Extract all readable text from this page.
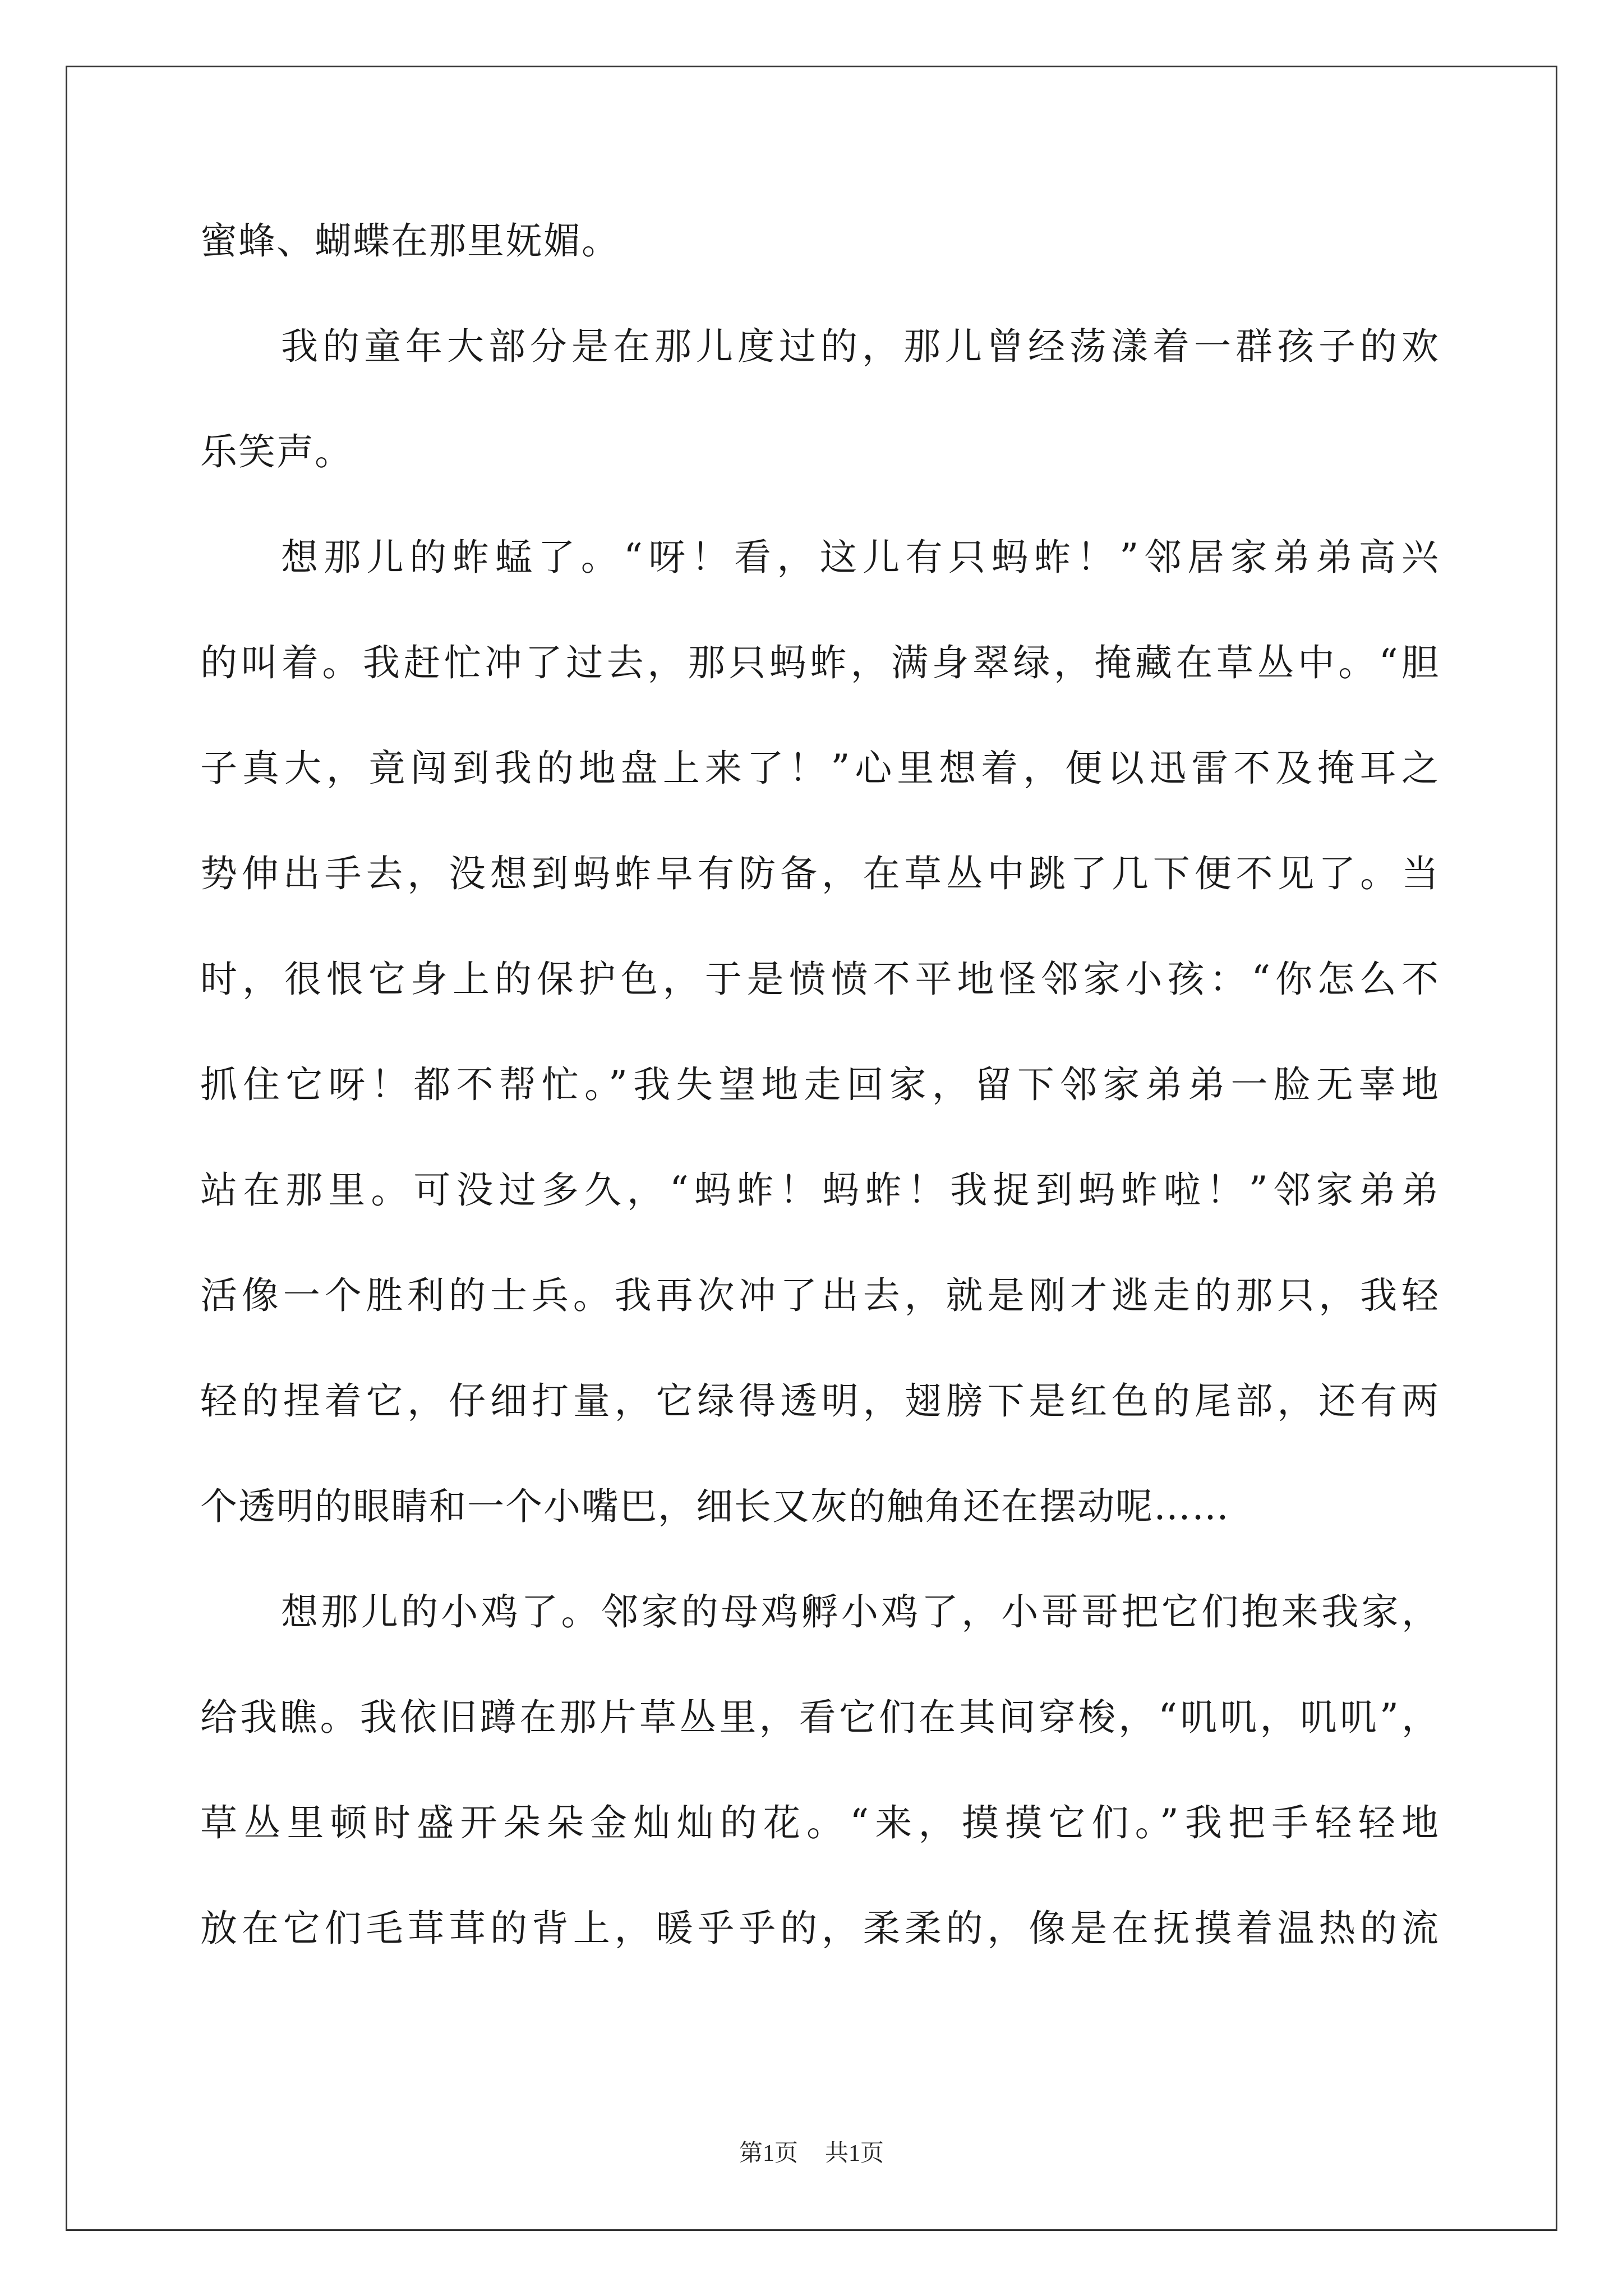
蜜蜂、蝴蝶在那里妩媚。
我的童年大部分是在那儿度过的，那儿曾经荡漾着一群孩子的欢
乐笑声。
想那儿的蚱蜢了。“呀！看，这儿有只蚂蚱！”邻居家弟弟高兴
的叫着。我赶忙冲了过去，那只蚂蚱，满身翠绿，掩藏在草丛中。“胆
子真大，竟闯到我的地盘上来了！”心里想着，便以迅雷不及掩耳之
势伸出手去，没想到蚂蚱早有防备，在草丛中跳了几下便不见了。当
时，很恨它身上的保护色，于是愤愤不平地怪邻家小孩：“你怎么不
抓住它呀！都不帮忙。”我失望地走回家，留下邻家弟弟一脸无辜地
站在那里。可没过多久，“蚂蚱！蚂蚱！我捉到蚂蚱啦！”邻家弟弟
活像一个胜利的士兵。我再次冲了出去，就是刚才逃走的那只，我轻
轻的捏着它，仔细打量，它绿得透明，翅膀下是红色的尾部，还有两
个透明的眼睛和一个小嘴巴，细长又灰的触角还在摆动呢……
想那儿的小鸡了。邻家的母鸡孵小鸡了，小哥哥把它们抱来我家，
给我瞧。我依旧蹲在那片草丛里，看它们在其间穿梭，“叽叽，叽叽”，
草丛里顿时盛开朵朵金灿灿的花。“来，摸摸它们。”我把手轻轻地
放在它们毛茸茸的背上，暖乎乎的，柔柔的，像是在抚摸着温热的流
第1页 共1页
